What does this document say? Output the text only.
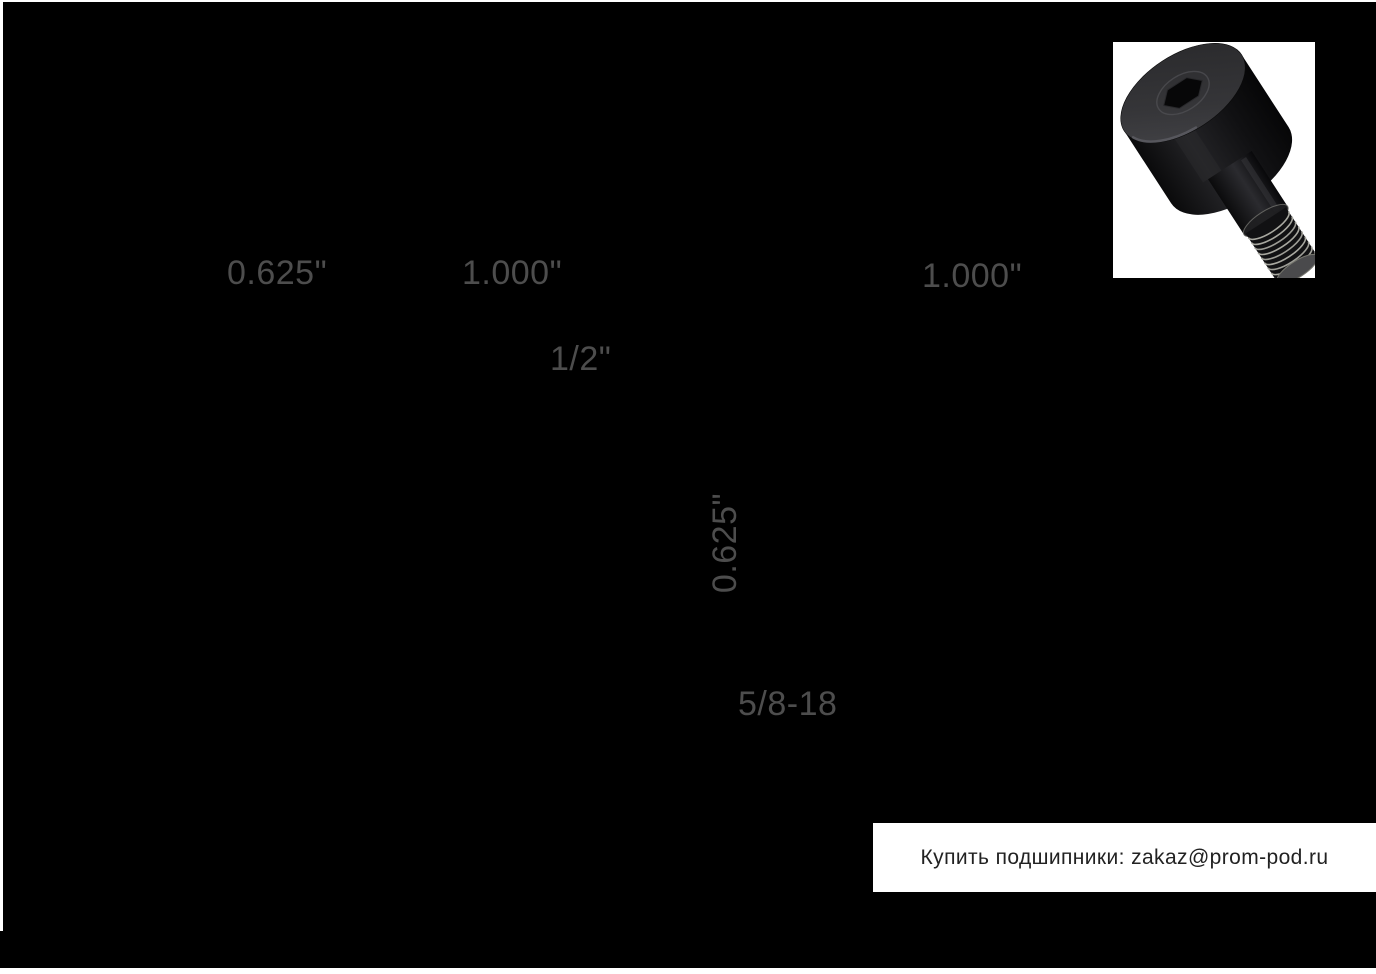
0.625"	1.000"
1/2"
1.000"
0.625"
5/8-18
Купить подшипники: zakaz@prom-pod.ru
